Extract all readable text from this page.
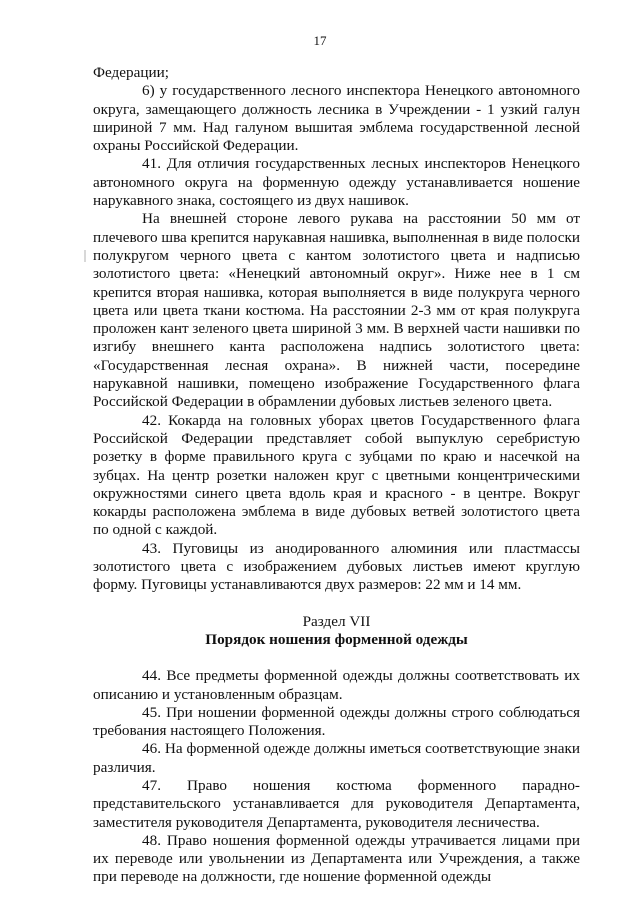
17

Федерации;

6) у государственного лесного инспектора Ненецкого автономного округа, замещающего должность лесника в Учреждении - 1 узкий галун шириной 7 мм. Над галуном вышитая эмблема государственной лесной охраны Российской Федерации.

41. Для отличия государственных лесных инспекторов Ненецкого автономного округа на форменную одежду устанавливается ношение нарукавного знака, состоящего из двух нашивок.

На внешней стороне левого рукава на расстоянии 50 мм от плечевого шва крепится нарукавная нашивка, выполненная в виде полоски полукругом черного цвета с кантом золотистого цвета и надписью золотистого цвета: «Ненецкий автономный округ». Ниже нее в 1 см крепится вторая нашивка, которая выполняется в виде полукруга черного цвета или цвета ткани костюма. На расстоянии 2-3 мм от края полукруга проложен кант зеленого цвета шириной 3 мм. В верхней части нашивки по изгибу внешнего канта расположена надпись золотистого цвета: «Государственная лесная охрана». В нижней части, посередине нарукавной нашивки, помещено изображение Государственного флага Российской Федерации в обрамлении дубовых листьев зеленого цвета.

42. Кокарда на головных уборах цветов Государственного флага Российской Федерации представляет собой выпуклую серебристую розетку в форме правильного круга с зубцами по краю и насечкой на зубцах. На центр розетки наложен круг с цветными концентрическими окружностями синего цвета вдоль края и красного - в центре. Вокруг кокарды расположена эмблема в виде дубовых ветвей золотистого цвета по одной с каждой.

43. Пуговицы из анодированного алюминия или пластмассы золотистого цвета с изображением дубовых листьев имеют круглую форму. Пуговицы устанавливаются двух размеров: 22 мм и 14 мм.

Раздел VII
Порядок ношения форменной одежды

44. Все предметы форменной одежды должны соответствовать их описанию и установленным образцам.

45. При ношении форменной одежды должны строго соблюдаться требования настоящего Положения.

46. На форменной одежде должны иметься соответствующие знаки различия.

47. Право ношения костюма форменного парадно-представительского устанавливается для руководителя Департамента, заместителя руководителя Департамента, руководителя лесничества.

48. Право ношения форменной одежды утрачивается лицами при их переводе или увольнении из Департамента или Учреждения, а также при переводе на должности, где ношение форменной одежды
